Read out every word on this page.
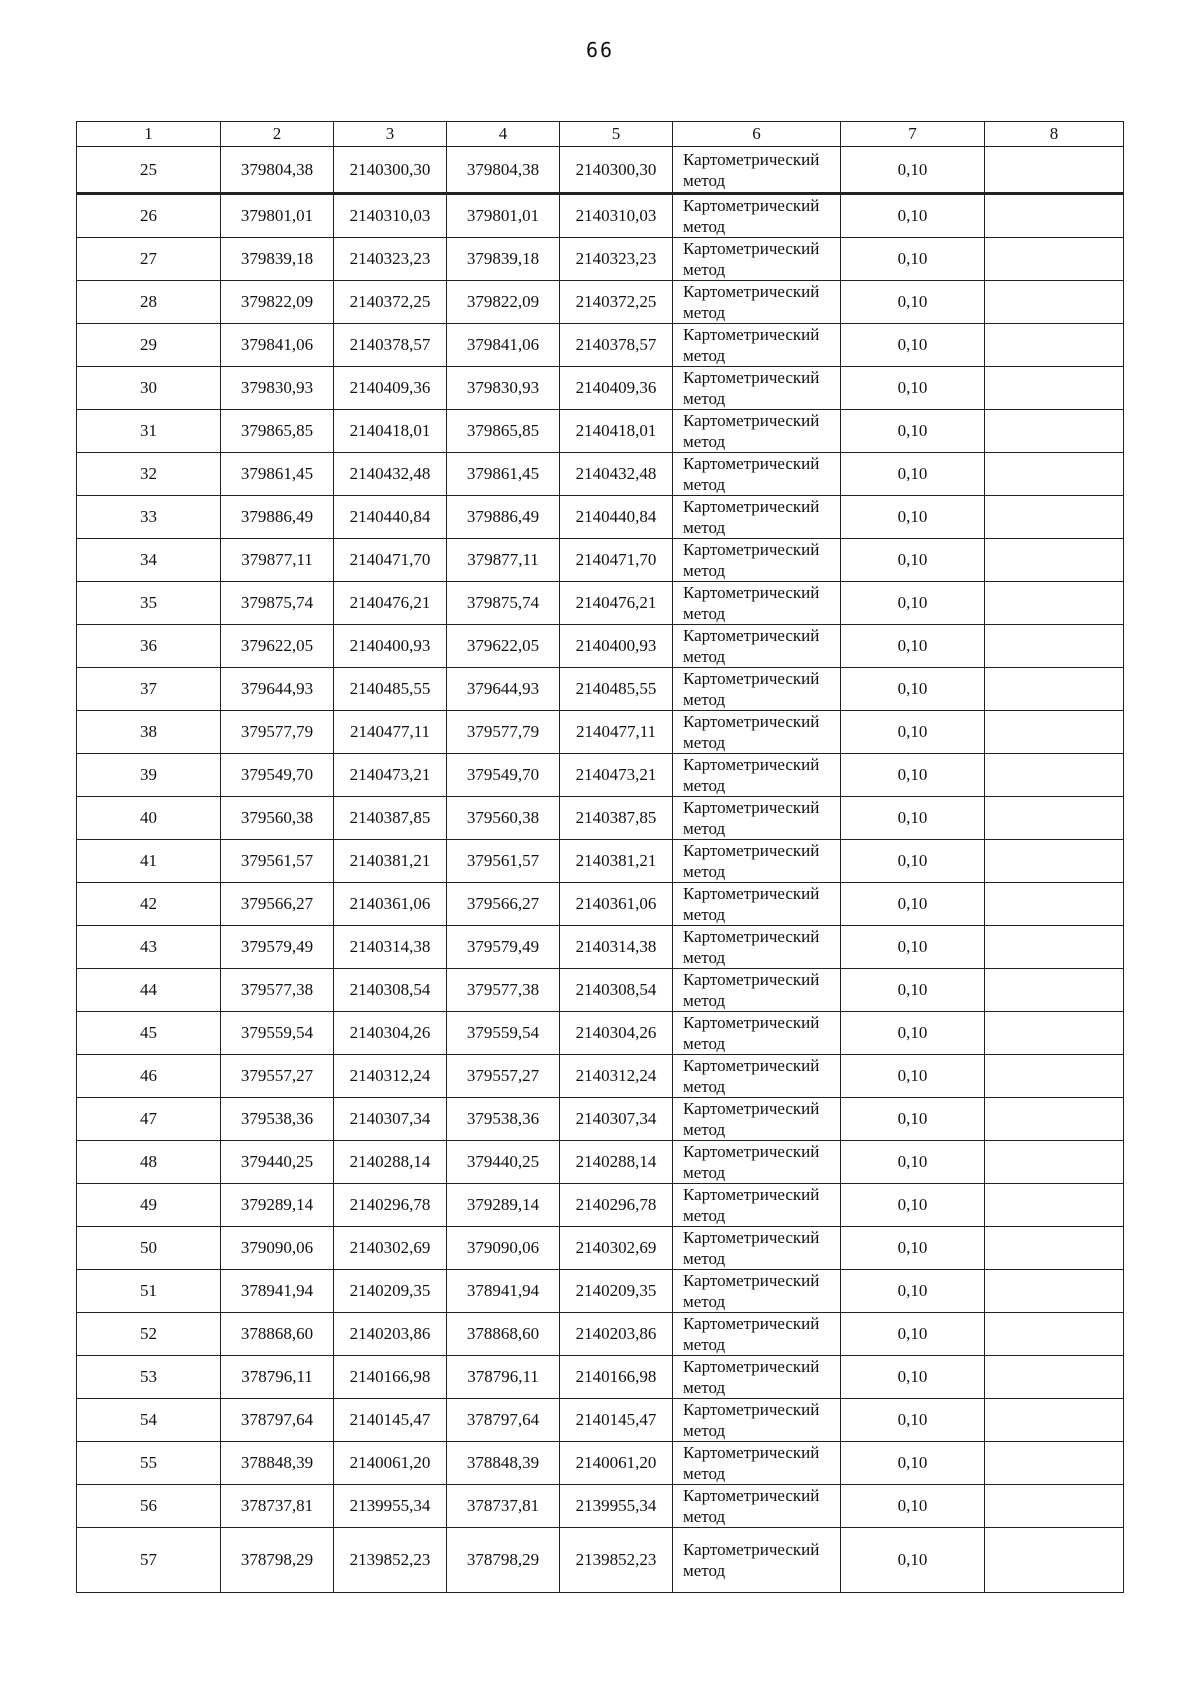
66
1	2	3	4	5	6	7	8
25	379804,38	2140300,30	379804,38	2140300,30	Картометрический метод	0,10	
26	379801,01	2140310,03	379801,01	2140310,03	Картометрический метод	0,10	
27	379839,18	2140323,23	379839,18	2140323,23	Картометрический метод	0,10	
28	379822,09	2140372,25	379822,09	2140372,25	Картометрический метод	0,10	
29	379841,06	2140378,57	379841,06	2140378,57	Картометрический метод	0,10	
30	379830,93	2140409,36	379830,93	2140409,36	Картометрический метод	0,10	
31	379865,85	2140418,01	379865,85	2140418,01	Картометрический метод	0,10	
32	379861,45	2140432,48	379861,45	2140432,48	Картометрический метод	0,10	
33	379886,49	2140440,84	379886,49	2140440,84	Картометрический метод	0,10	
34	379877,11	2140471,70	379877,11	2140471,70	Картометрический метод	0,10	
35	379875,74	2140476,21	379875,74	2140476,21	Картометрический метод	0,10	
36	379622,05	2140400,93	379622,05	2140400,93	Картометрический метод	0,10	
37	379644,93	2140485,55	379644,93	2140485,55	Картометрический метод	0,10	
38	379577,79	2140477,11	379577,79	2140477,11	Картометрический метод	0,10	
39	379549,70	2140473,21	379549,70	2140473,21	Картометрический метод	0,10	
40	379560,38	2140387,85	379560,38	2140387,85	Картометрический метод	0,10	
41	379561,57	2140381,21	379561,57	2140381,21	Картометрический метод	0,10	
42	379566,27	2140361,06	379566,27	2140361,06	Картометрический метод	0,10	
43	379579,49	2140314,38	379579,49	2140314,38	Картометрический метод	0,10	
44	379577,38	2140308,54	379577,38	2140308,54	Картометрический метод	0,10	
45	379559,54	2140304,26	379559,54	2140304,26	Картометрический метод	0,10	
46	379557,27	2140312,24	379557,27	2140312,24	Картометрический метод	0,10	
47	379538,36	2140307,34	379538,36	2140307,34	Картометрический метод	0,10	
48	379440,25	2140288,14	379440,25	2140288,14	Картометрический метод	0,10	
49	379289,14	2140296,78	379289,14	2140296,78	Картометрический метод	0,10	
50	379090,06	2140302,69	379090,06	2140302,69	Картометрический метод	0,10	
51	378941,94	2140209,35	378941,94	2140209,35	Картометрический метод	0,10	
52	378868,60	2140203,86	378868,60	2140203,86	Картометрический метод	0,10	
53	378796,11	2140166,98	378796,11	2140166,98	Картометрический метод	0,10	
54	378797,64	2140145,47	378797,64	2140145,47	Картометрический метод	0,10	
55	378848,39	2140061,20	378848,39	2140061,20	Картометрический метод	0,10	
56	378737,81	2139955,34	378737,81	2139955,34	Картометрический метод	0,10	
57	378798,29	2139852,23	378798,29	2139852,23	Картометрический метод	0,10	
